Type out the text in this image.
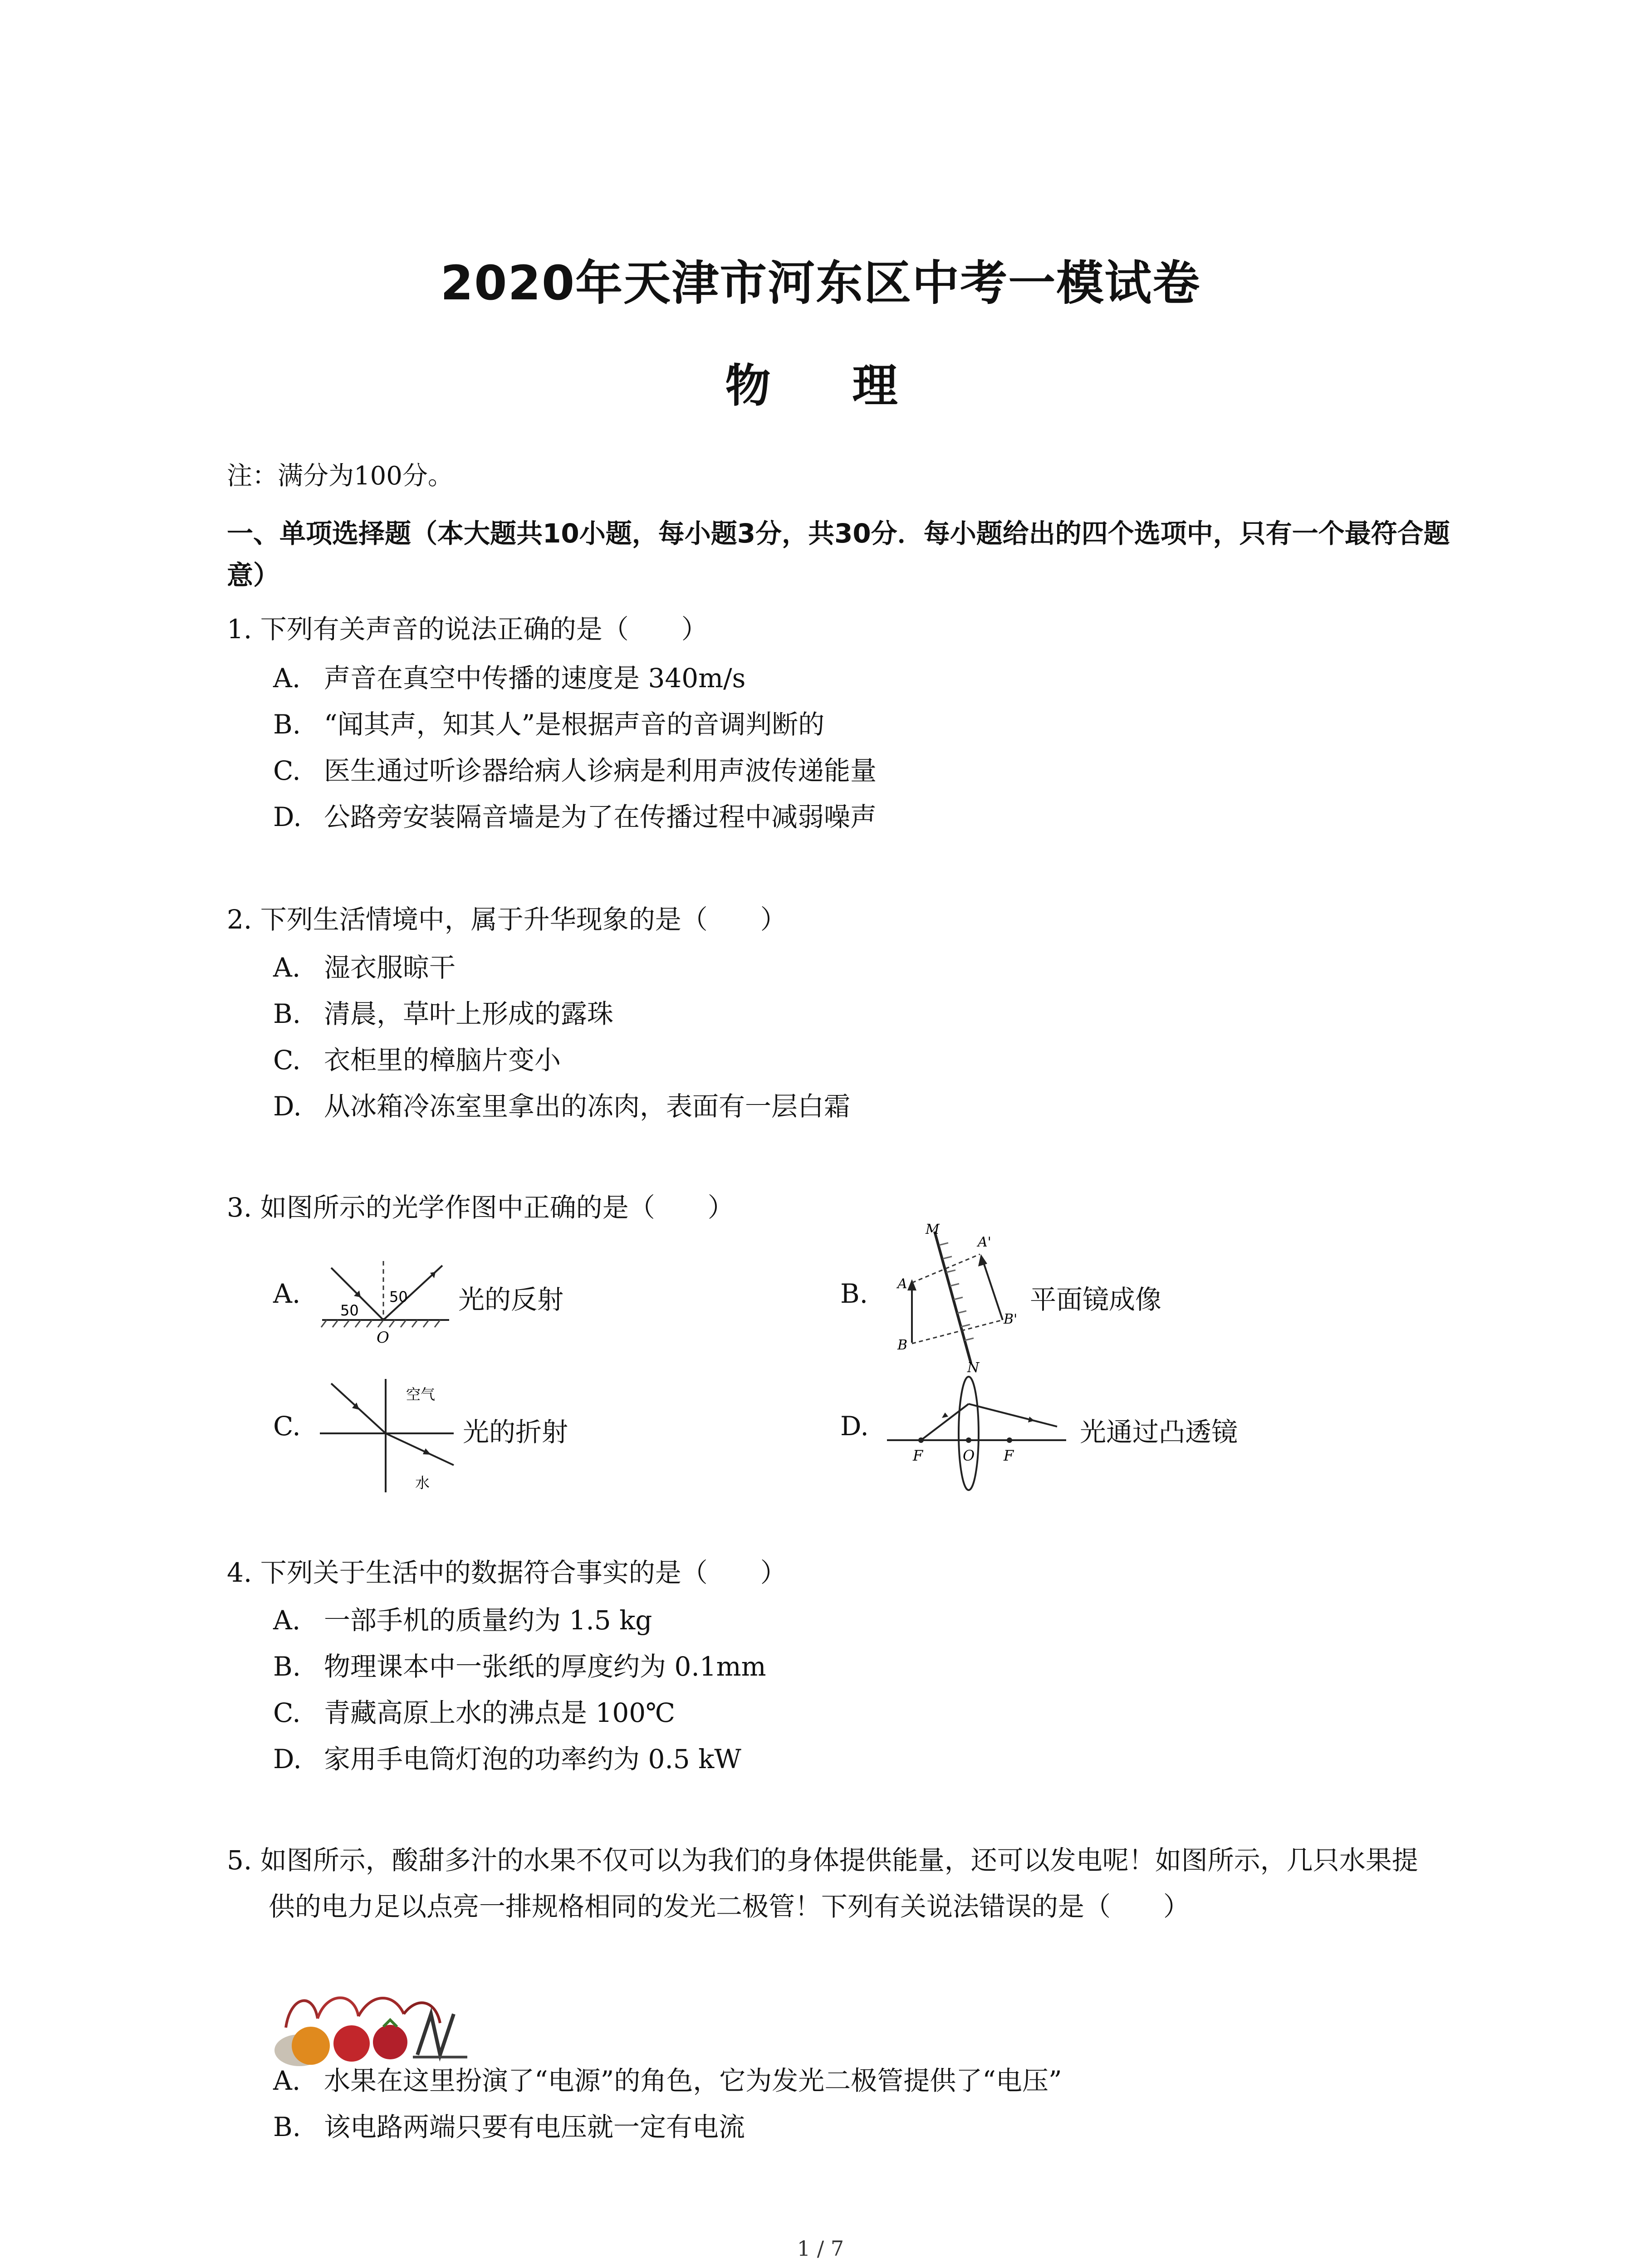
2020年天津市河东区中考一模试卷
物　理
注：满分为100分。
一、单项选择题（本大题共10小题，每小题3分，共30分．每小题给出的四个选项中，只有一个最符合题意）
1. 下列有关声音的说法正确的是（　　）
A. 声音在真空中传播的速度是 340m/s
B. “闻其声，知其人”是根据声音的音调判断的
C. 医生通过听诊器给病人诊病是利用声波传递能量
D. 公路旁安装隔音墙是为了在传播过程中减弱噪声
2. 下列生活情境中，属于升华现象的是（　　）
A. 湿衣服晾干
B. 清晨，草叶上形成的露珠
C. 衣柜里的樟脑片变小
D. 从冰箱冷冻室里拿出的冻肉，表面有一层白霜
3. 如图所示的光学作图中正确的是（　　）
A.
50
50
O
光的反射	B.
M
A'
A
B'
B
N
平面镜成像
C.
空气
水
光的折射	D.
F	O F
光通过凸透镜
4. 下列关于生活中的数据符合事实的是（　　）
A. 一部手机的质量约为 1.5 kg
B. 物理课本中一张纸的厚度约为 0.1mm
C. 青藏高原上水的沸点是 100℃
D. 家用手电筒灯泡的功率约为 0.5 kW
5. 如图所示，酸甜多汁的水果不仅可以为我们的身体提供能量，还可以发电呢！如图所示，几只水果提供的电力足以点亮一排规格相同的发光二极管！下列有关说法错误的是（　　）
A. 水果在这里扮演了“电源”的角色，它为发光二极管提供了“电压”
B. 该电路两端只要有电压就一定有电流
1 / 7
